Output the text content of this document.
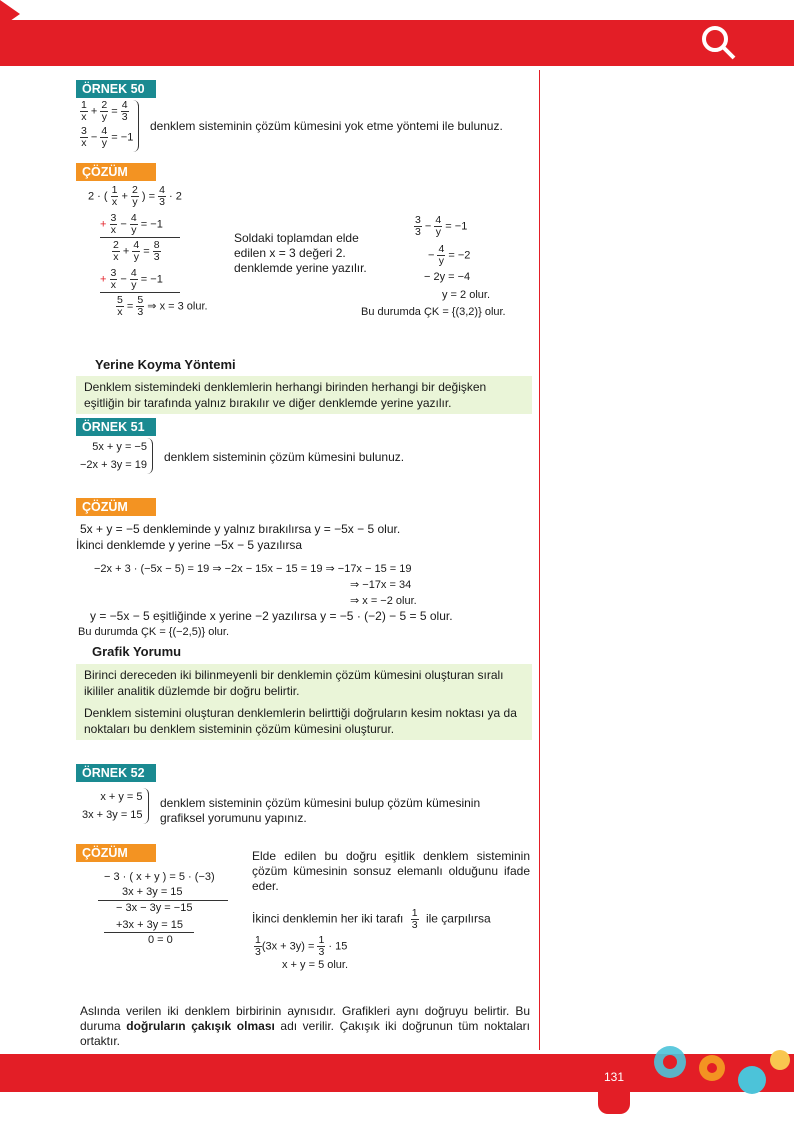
ÖRNEK 50
$\frac{1}{x} + \frac{2}{y} = \frac{4}{3}$
$\frac{3}{x} - \frac{4}{y} = -1$
denklem sisteminin çözüm kümesini yok etme yöntemi ile bulunuz.
ÇÖZÜM
2 · ( $\frac{1}{x} + \frac{2}{y}$ ) = $\frac{4}{3} \cdot 2$
+ $\frac{3}{x} - \frac{4}{y} = -1$
$\frac{2}{x} + \frac{4}{y} = \frac{8}{3}$
+ $\frac{3}{x} - \frac{4}{y} = -1$
$\frac{5}{x} = \frac{5}{3}$ ⇒ x = 3 olur.
Soldaki toplamdan elde edilen x = 3 değeri 2. denklemde yerine yazılır.
$\frac{3}{3} - \frac{4}{y} = -1$
− $\frac{4}{y} = -2$
− 2y = −4
y = 2 olur.
Bu durumda ÇK = {(3,2)} olur.
Yerine Koyma Yöntemi
Denklem sistemindeki denklemlerin herhangi birinden herhangi bir değişken eşitliğin bir tarafında yalnız bırakılır ve diğer denklemde yerine yazılır.
ÖRNEK 51
5x + y = −5
−2x + 3y = 19
denklem sisteminin çözüm kümesini bulunuz.
ÇÖZÜM
5x + y = −5 denkleminde y yalnız bırakılırsa y = −5x − 5 olur.
İkinci denklemde y yerine −5x − 5 yazılırsa
−2x + 3 · (−5x − 5) = 19 ⇒ −2x − 15x − 15 = 19 ⇒ −17x − 15 = 19
⇒ −17x = 34
⇒ x = −2 olur.
y = −5x − 5 eşitliğinde x yerine −2 yazılırsa y = −5 · (−2) − 5 = 5 olur.
Bu durumda ÇK = {(−2,5)} olur.
Grafik Yorumu
Birinci dereceden iki bilinmeyenli bir denklemin çözüm kümesini oluşturan sıralı ikililer analitik düzlemde bir doğru belirtir.
Denklem sistemini oluşturan denklemlerin belirttiği doğruların kesim noktası ya da noktaları bu denklem sisteminin çözüm kümesini oluşturur.
ÖRNEK 52
x + y = 5
3x + 3y = 15
denklem sisteminin çözüm kümesini bulup çözüm kümesinin grafiksel yorumunu yapınız.
ÇÖZÜM
− 3 · ( x + y ) = 5 · (−3)
3x + 3y = 15
− 3x − 3y = −15
+3x + 3y = 15
0 = 0
Elde edilen bu doğru eşitlik denklem sisteminin çözüm kümesinin sonsuz elemanlı olduğunu ifade eder.
İkinci denklemin her iki tarafı $\frac{1}{3}$ ile çarpılırsa
$\frac{1}{3} (3x + 3y) = \frac{1}{3} \cdot 15$
x + y = 5 olur.
Aslında verilen iki denklem birbirinin aynısıdır. Grafikleri aynı doğruyu belirtir. Bu duruma doğruların çakışık olması adı verilir. Çakışık iki doğrunun tüm noktaları ortaktır.
131
